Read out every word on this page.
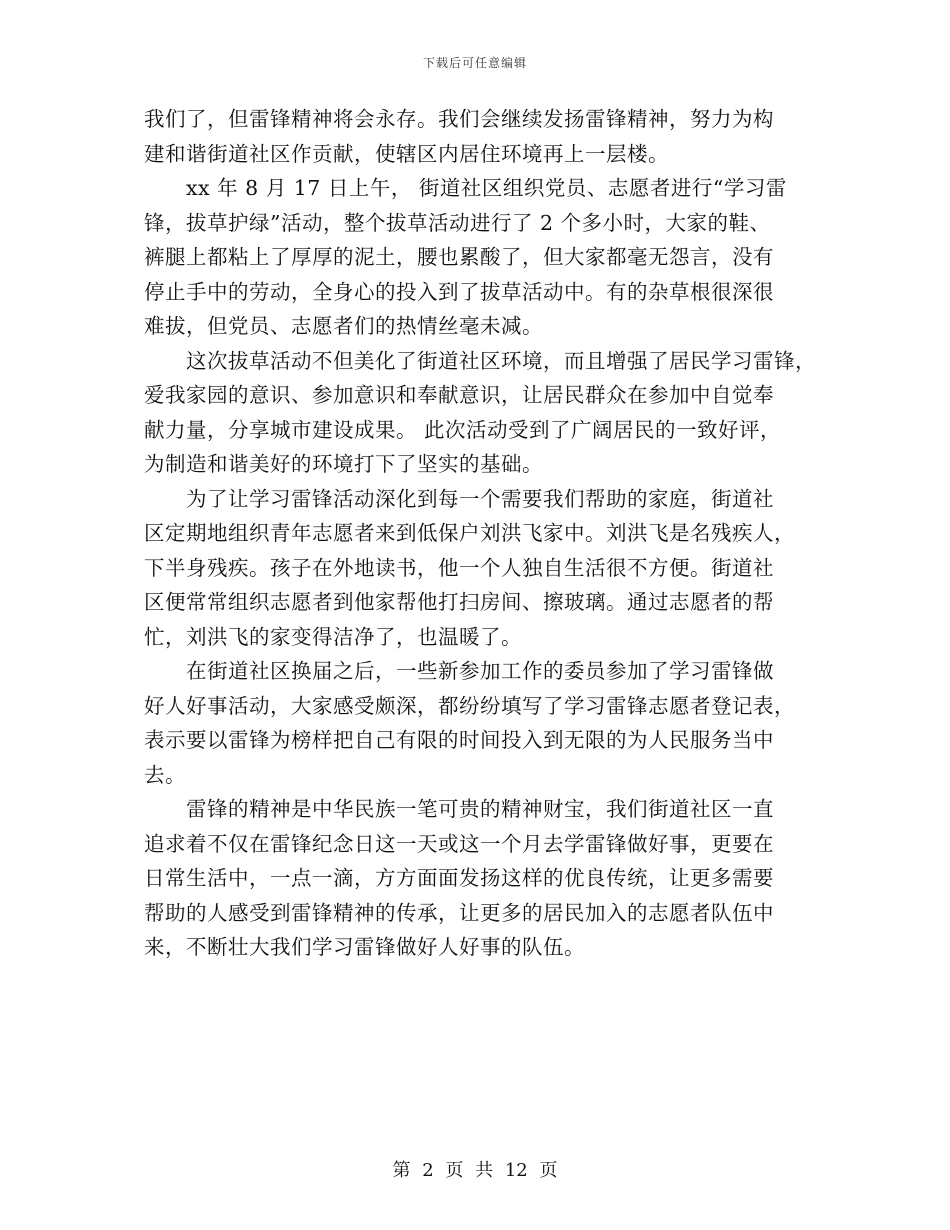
下载后可任意编辑
我们了，但雷锋精神将会永存。我们会继续发扬雷锋精神，努力为构
建和谐街道社区作贡献，使辖区内居住环境再上一层楼。
xx 年 8 月 17 日上午， 街道社区组织党员、志愿者进行“学习雷
锋，拔草护绿”活动，整个拔草活动进行了 2 个多小时，大家的鞋、
裤腿上都粘上了厚厚的泥土，腰也累酸了，但大家都毫无怨言，没有
停止手中的劳动，全身心的投入到了拔草活动中。有的杂草根很深很
难拔，但党员、志愿者们的热情丝毫未减。
这次拔草活动不但美化了街道社区环境，而且增强了居民学习雷锋，
爱我家园的意识、参加意识和奉献意识，让居民群众在参加中自觉奉
献力量，分享城市建设成果。 此次活动受到了广阔居民的一致好评，
为制造和谐美好的环境打下了坚实的基础。
为了让学习雷锋活动深化到每一个需要我们帮助的家庭，街道社
区定期地组织青年志愿者来到低保户刘洪飞家中。刘洪飞是名残疾人，
下半身残疾。孩子在外地读书，他一个人独自生活很不方便。街道社
区便常常组织志愿者到他家帮他打扫房间、擦玻璃。通过志愿者的帮
忙，刘洪飞的家变得洁净了，也温暖了。
在街道社区换届之后，一些新参加工作的委员参加了学习雷锋做
好人好事活动，大家感受颇深，都纷纷填写了学习雷锋志愿者登记表，
表示要以雷锋为榜样把自己有限的时间投入到无限的为人民服务当中
去。
雷锋的精神是中华民族一笔可贵的精神财宝，我们街道社区一直
追求着不仅在雷锋纪念日这一天或这一个月去学雷锋做好事，更要在
日常生活中，一点一滴，方方面面发扬这样的优良传统，让更多需要
帮助的人感受到雷锋精神的传承，让更多的居民加入的志愿者队伍中
来，不断壮大我们学习雷锋做好人好事的队伍。
第 2 页 共 12 页
